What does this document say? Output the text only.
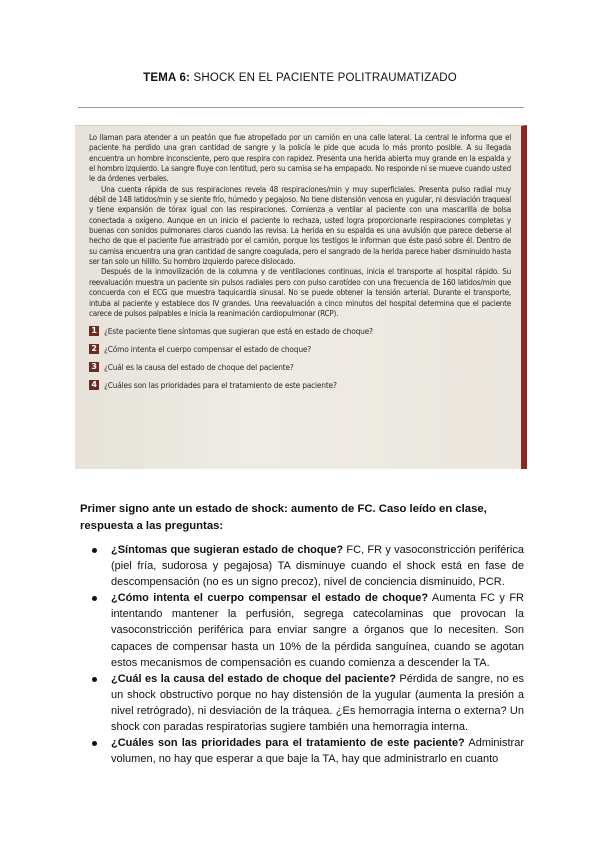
TEMA 6: SHOCK EN EL PACIENTE POLITRAUMATIZADO

Lo llaman para atender a un peatón que fue atropellado por un camión en una calle lateral. La central le informa que el paciente ha perdido una gran cantidad de sangre y la policía le pide que acuda lo más pronto posible. A su llegada encuentra un hombre inconsciente, pero que respira con rapidez. Presenta una herida abierta muy grande en la espalda y el hombro izquierdo. La sangre fluye con lentitud, pero su camisa se ha empapado. No responde ni se mueve cuando usted le da órdenes verbales.

Una cuenta rápida de sus respiraciones revela 48 respiraciones/min y muy superficiales. Presenta pulso radial muy débil de 148 latidos/min y se siente frío, húmedo y pegajoso. No tiene distensión venosa en yugular, ni desviación traqueal y tiene expansión de tórax igual con las respiraciones. Comienza a ventilar al paciente con una mascarilla de bolsa conectada a oxígeno. Aunque en un inicio el paciente lo rechaza, usted logra proporcionarle respiraciones completas y buenas con sonidos pulmonares claros cuando las revisa. La herida en su espalda es una avulsión que parece deberse al hecho de que el paciente fue arrastrado por el camión, porque los testigos le informan que éste pasó sobre él. Dentro de su camisa encuentra una gran cantidad de sangre coagulada, pero el sangrado de la herida parece haber disminuido hasta ser tan solo un hilillo. Su hombro izquierdo parece dislocado.

Después de la inmovilización de la columna y de ventilaciones continuas, inicia el transporte al hospital rápido. Su reevaluación muestra un paciente sin pulsos radiales pero con pulso carotídeo con una frecuencia de 160 latidos/min que concuerda con el ECG que muestra taquicardia sinusal. No se puede obtener la tensión arterial. Durante el transporte, intuba al paciente y establece dos IV grandes. Una reevaluación a cinco minutos del hospital determina que el paciente carece de pulsos palpables e inicia la reanimación cardiopulmonar (RCP).

1 ¿Este paciente tiene síntomas que sugieran que está en estado de choque?
2 ¿Cómo intenta el cuerpo compensar el estado de choque?
3 ¿Cuál es la causa del estado de choque del paciente?
4 ¿Cuáles son las prioridades para el tratamiento de este paciente?
Primer signo ante un estado de shock: aumento de FC. Caso leído en clase, respuesta a las preguntas:
¿Síntomas que sugieran estado de choque? FC, FR y vasoconstricción periférica (piel fría, sudorosa y pegajosa) TA disminuye cuando el shock está en fase de descompensación (no es un signo precoz), nivel de conciencia disminuido, PCR.
¿Cómo intenta el cuerpo compensar el estado de choque? Aumenta FC y FR intentando mantener la perfusión, segrega catecolaminas que provocan la vasoconstricción periférica para enviar sangre a órganos que lo necesiten. Son capaces de compensar hasta un 10% de la pérdida sanguínea, cuando se agotan estos mecanismos de compensación es cuando comienza a descender la TA.
¿Cuál es la causa del estado de choque del paciente? Pérdida de sangre, no es un shock obstructivo porque no hay distensión de la yugular (aumenta la presión a nivel retrógrado), ni desviación de la tráquea. ¿Es hemorragia interna o externa? Un shock con paradas respiratorias sugiere también una hemorragia interna.
¿Cuáles son las prioridades para el tratamiento de este paciente? Administrar volumen, no hay que esperar a que baje la TA, hay que administrarlo en cuanto
